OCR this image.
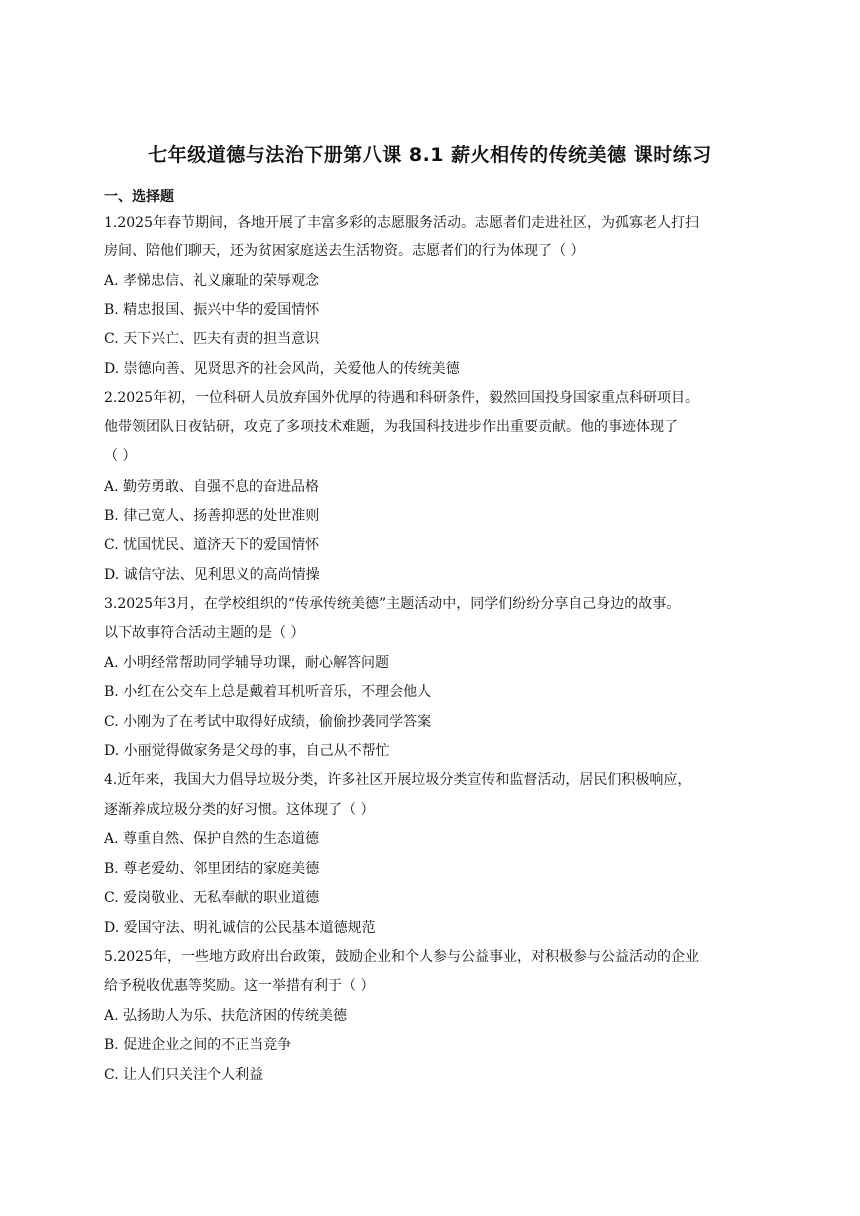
七年级道德与法治下册第八课 8.1 薪火相传的传统美德 课时练习
一、选择题
1.2025年春节期间，各地开展了丰富多彩的志愿服务活动。志愿者们走进社区，为孤寡老人打扫
房间、陪他们聊天，还为贫困家庭送去生活物资。志愿者们的行为体现了（ ）
A. 孝悌忠信、礼义廉耻的荣辱观念
B. 精忠报国、振兴中华的爱国情怀
C. 天下兴亡、匹夫有责的担当意识
D. 崇德向善、见贤思齐的社会风尚，关爱他人的传统美德
2.2025年初，一位科研人员放弃国外优厚的待遇和科研条件，毅然回国投身国家重点科研项目。
他带领团队日夜钻研，攻克了多项技术难题，为我国科技进步作出重要贡献。他的事迹体现了
（ ）
A. 勤劳勇敢、自强不息的奋进品格
B. 律己宽人、扬善抑恶的处世准则
C. 忧国忧民、道济天下的爱国情怀
D. 诚信守法、见利思义的高尚情操
3.2025年3月，在学校组织的“传承传统美德”主题活动中，同学们纷纷分享自己身边的故事。
以下故事符合活动主题的是（ ）
A. 小明经常帮助同学辅导功课，耐心解答问题
B. 小红在公交车上总是戴着耳机听音乐，不理会他人
C. 小刚为了在考试中取得好成绩，偷偷抄袭同学答案
D. 小丽觉得做家务是父母的事，自己从不帮忙
4.近年来，我国大力倡导垃圾分类，许多社区开展垃圾分类宣传和监督活动，居民们积极响应，
逐渐养成垃圾分类的好习惯。这体现了（ ）
A. 尊重自然、保护自然的生态道德
B. 尊老爱幼、邻里团结的家庭美德
C. 爱岗敬业、无私奉献的职业道德
D. 爱国守法、明礼诚信的公民基本道德规范
5.2025年，一些地方政府出台政策，鼓励企业和个人参与公益事业，对积极参与公益活动的企业
给予税收优惠等奖励。这一举措有利于（ ）
A. 弘扬助人为乐、扶危济困的传统美德
B. 促进企业之间的不正当竞争
C. 让人们只关注个人利益
